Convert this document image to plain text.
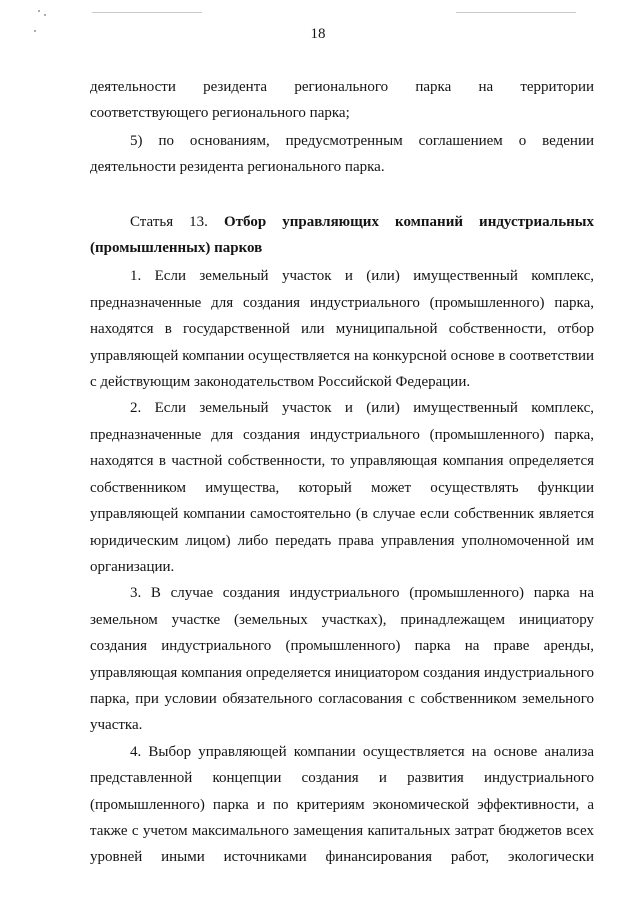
18

деятельности резидента регионального парка на территории соответствующего регионального парка;

5) по основаниям, предусмотренным соглашением о ведении деятельности резидента регионального парка.

Статья 13. Отбор управляющих компаний индустриальных (промышленных) парков

1. Если земельный участок и (или) имущественный комплекс, предназначенные для создания индустриального (промышленного) парка, находятся в государственной или муниципальной собственности, отбор управляющей компании осуществляется на конкурсной основе в соответствии с действующим законодательством Российской Федерации.

2. Если земельный участок и (или) имущественный комплекс, предназначенные для создания индустриального (промышленного) парка, находятся в частной собственности, то управляющая компания определяется собственником имущества, который может осуществлять функции управляющей компании самостоятельно (в случае если собственник является юридическим лицом) либо передать права управления уполномоченной им организации.

3. В случае создания индустриального (промышленного) парка на земельном участке (земельных участках), принадлежащем инициатору создания индустриального (промышленного) парка на праве аренды, управляющая компания определяется инициатором создания индустриального парка, при условии обязательного согласования с собственником земельного участка.

4. Выбор управляющей компании осуществляется на основе анализа представленной концепции создания и развития индустриального (промышленного) парка и по критериям экономической эффективности, а также с учетом максимального замещения капитальных затрат бюджетов всех уровней иными источниками финансирования работ, экологически
